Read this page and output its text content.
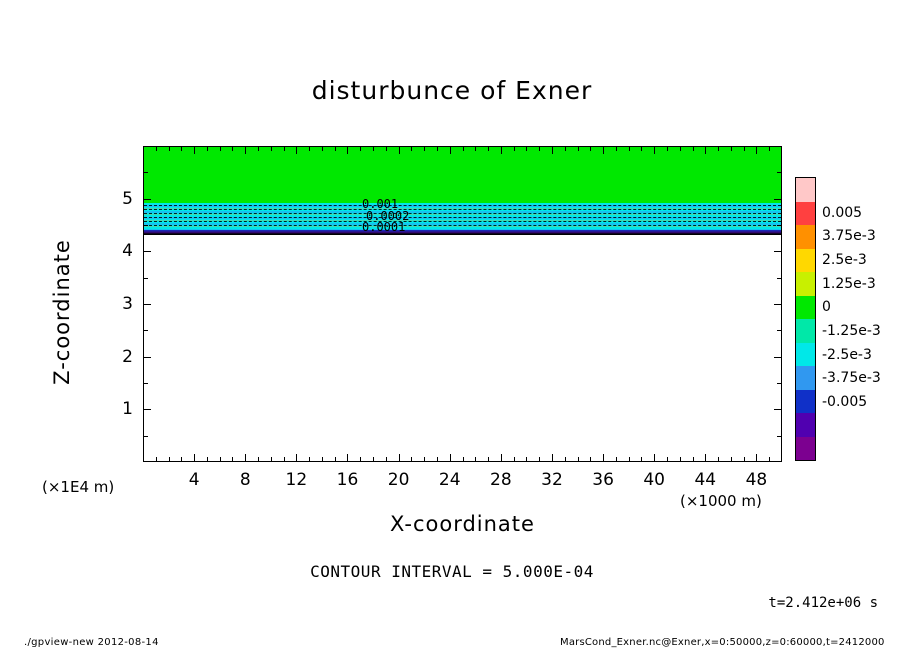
disturbunce of Exner
0.001
0.0002
0.0001
4 8 12 16 20 24 28 32 36 40 44 48
1
2
3
4
5
X-coordinate
Z-coordinate
(×1E4 m)
(×1000 m)
0.005
3.75e-3
2.5e-3
1.25e-3
0
-1.25e-3
-2.5e-3
-3.75e-3
-0.005
CONTOUR INTERVAL = 5.000E-04
t=2.412e+06 s
./gpview-new 2012-08-14	MarsCond_Exner.nc@Exner,x=0:50000,z=0:60000,t=2412000
